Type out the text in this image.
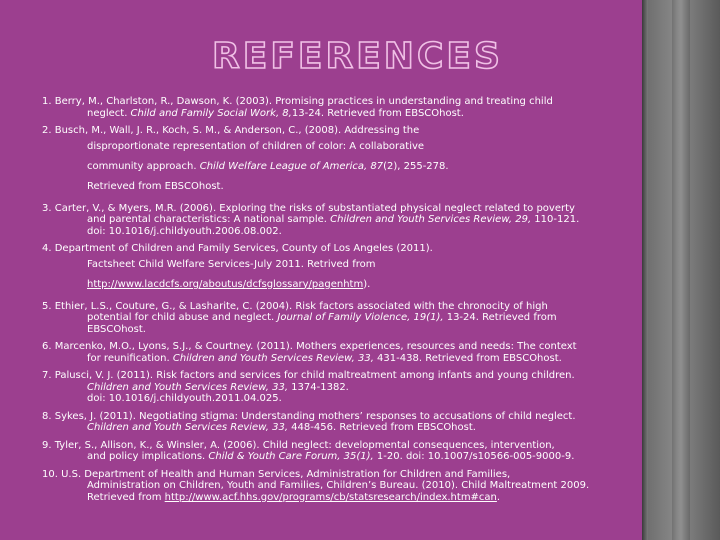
REFERENCES
1. Berry, M., Charlston, R., Dawson, K. (2003). Promising practices in understanding and treating child
neglect. Child and Family Social Work, 8,13-24. Retrieved from EBSCOhost.
2. Busch, M., Wall, J. R., Koch, S. M., & Anderson, C., (2008). Addressing the
disproportionate representation of children of color: A collaborative
community approach. Child Welfare League of America, 87(2), 255-278.
Retrieved from EBSCOhost.
3. Carter, V., & Myers, M.R. (2006). Exploring the risks of substantiated physical neglect related to poverty
and parental characteristics: A national sample. Children and Youth Services Review, 29, 110-121.
doi: 10.1016/j.childyouth.2006.08.002.
4. Department of Children and Family Services, County of Los Angeles (2011).
Factsheet Child Welfare Services-July 2011. Retrived from
http://www.lacdcfs.org/aboutus/dcfsglossary/pagenhtm).
5. Ethier, L.S., Couture, G., & Lasharite, C. (2004). Risk factors associated with the chronocity of high
potential for child abuse and neglect. Journal of Family Violence, 19(1), 13-24. Retrieved from
EBSCOhost.
6. Marcenko, M.O., Lyons, S.J., & Courtney. (2011). Mothers experiences, resources and needs: The context
for reunification. Children and Youth Services Review, 33, 431-438. Retrieved from EBSCOhost.
7. Palusci, V. J. (2011). Risk factors and services for child maltreatment among infants and young children.
Children and Youth Services Review, 33, 1374-1382.
doi: 10.1016/j.childyouth.2011.04.025.
8. Sykes, J. (2011). Negotiating stigma: Understanding mothers’ responses to accusations of child neglect.
Children and Youth Services Review, 33, 448-456. Retrieved from EBSCOhost.
9. Tyler, S., Allison, K., & Winsler, A. (2006). Child neglect: developmental consequences, intervention,
and policy implications. Child & Youth Care Forum, 35(1), 1-20. doi: 10.1007/s10566-005-9000-9.
10. U.S. Department of Health and Human Services, Administration for Children and Families,
Administration on Children, Youth and Families, Children’s Bureau. (2010). Child Maltreatment 2009.
Retrieved from http://www.acf.hhs.gov/programs/cb/statsresearch/index.htm#can.
